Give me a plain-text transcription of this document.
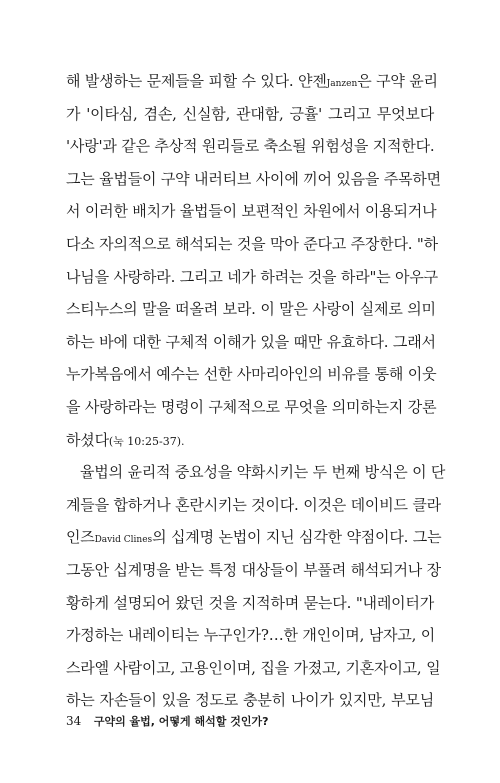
해 발생하는 문제들을 피할 수 있다. 얀젠Janzen은 구약 윤리
가 '이타심, 겸손, 신실함, 관대함, 긍휼' 그리고 무엇보다
'사랑'과 같은 추상적 원리들로 축소될 위험성을 지적한다.
그는 율법들이 구약 내러티브 사이에 끼어 있음을 주목하면
서 이러한 배치가 율법들이 보편적인 차원에서 이용되거나
다소 자의적으로 해석되는 것을 막아 준다고 주장한다. "하
나님을 사랑하라. 그리고 네가 하려는 것을 하라"는 아우구
스티누스의 말을 떠올려 보라. 이 말은 사랑이 실제로 의미
하는 바에 대한 구체적 이해가 있을 때만 유효하다. 그래서
누가복음에서 예수는 선한 사마리아인의 비유를 통해 이웃
을 사랑하라는 명령이 구체적으로 무엇을 의미하는지 강론
하셨다(눅 10:25-37).
율법의 윤리적 중요성을 약화시키는 두 번째 방식은 이 단
계들을 합하거나 혼란시키는 것이다. 이것은 데이비드 클라
인즈David Clines의 십계명 논법이 지닌 심각한 약점이다. 그는
그동안 십계명을 받는 특정 대상들이 부풀려 해석되거나 장
황하게 설명되어 왔던 것을 지적하며 묻는다. "내레이터가
가정하는 내레이티는 누구인가?…한 개인이며, 남자고, 이
스라엘 사람이고, 고용인이며, 집을 가졌고, 기혼자이고, 일
하는 자손들이 있을 정도로 충분히 나이가 있지만, 부모님
34 구약의 율법, 어떻게 해석할 것인가?
